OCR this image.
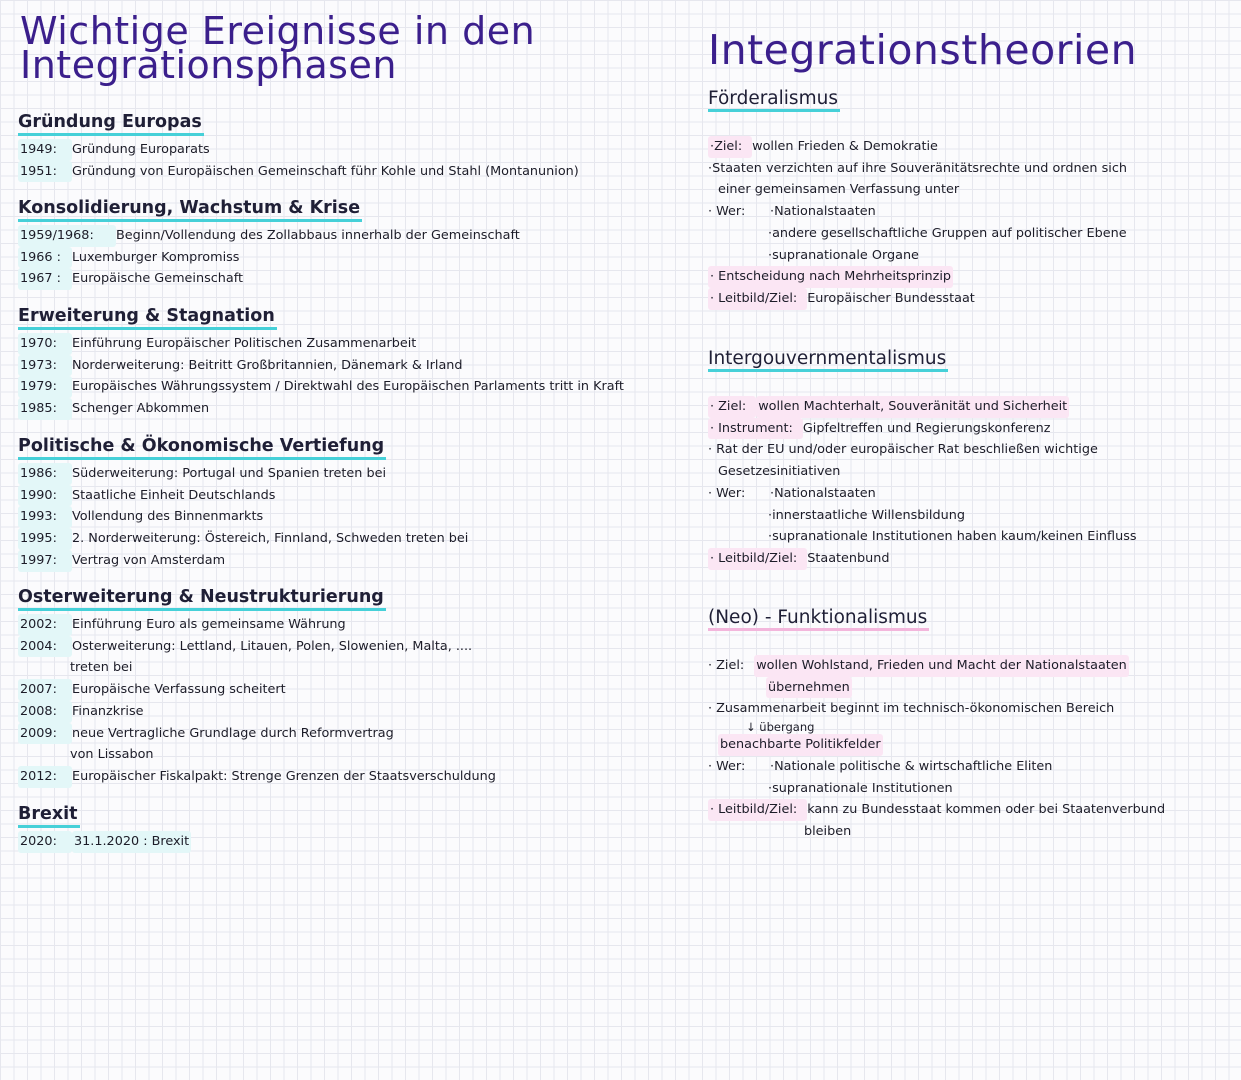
Wichtige Ereignisse in den Integrationsphasen
Gründung Europas
1949:	Gründung Europarats
1951:	Gründung von Europäischen Gemeinschaft führ Kohle und Stahl (Montanunion)
Konsolidierung, Wachstum & Krise
1959/1968:	Beginn/Vollendung des Zollabbaus innerhalb der Gemeinschaft
1966 : Luxemburger Kompromiss
1967 : Europäische Gemeinschaft
Erweiterung & Stagnation
1970:	Einführung Europäischer Politischen Zusammenarbeit
1973:	Norderweiterung: Beitritt Großbritannien, Dänemark & Irland
1979:	Europäisches Währungssystem / Direktwahl des Europäischen Parlaments tritt in Kraft
1985:	Schenger Abkommen
Politische & Ökonomische Vertiefung
1986:	Süderweiterung: Portugal und Spanien treten bei
1990:	Staatliche Einheit Deutschlands
1993:	Vollendung des Binnenmarkts
1995:	2. Norderweiterung: Östereich, Finnland, Schweden treten bei
1997:	Vertrag von Amsterdam
Osterweiterung & Neustrukturierung
2002:	Einführung Euro als gemeinsame Währung
2004:	Osterweiterung: Lettland, Litauen, Polen, Slowenien, Malta, ....
treten bei
2007:	Europäische Verfassung scheitert
2008:	Finanzkrise
2009:	neue Vertragliche Grundlage durch Reformvertrag
von Lissabon
2012:	Europäischer Fiskalpakt: Strenge Grenzen der Staatsverschuldung
Brexit
2020:	31.1.2020 : Brexit
Integrationstheorien
Förderalismus
·Ziel: wollen Frieden & Demokratie
·Staaten verzichten auf ihre Souveränitätsrechte und ordnen sich
einer gemeinsamen Verfassung unter
· Wer:	·Nationalstaaten
·andere gesellschaftliche Gruppen auf politischer Ebene
·supranationale Organe
· Entscheidung nach Mehrheitsprinzip
· Leitbild/Ziel: Europäischer Bundesstaat
Intergouvernmentalismus
· Ziel: wollen Machterhalt, Souveränität und Sicherheit
· Instrument: Gipfeltreffen und Regierungskonferenz
· Rat der EU und/oder europäischer Rat beschließen wichtige
Gesetzesinitiativen
· Wer:	·Nationalstaaten
·innerstaatliche Willensbildung
·supranationale Institutionen haben kaum/keinen Einfluss
· Leitbild/Ziel: Staatenbund
(Neo) - Funktionalismus
· Ziel: wollen Wohlstand, Frieden und Macht der Nationalstaaten
übernehmen
· Zusammenarbeit beginnt im technisch-ökonomischen Bereich
↓ übergang
benachbarte Politikfelder
· Wer:	·Nationale politische & wirtschaftliche Eliten
·supranationale Institutionen
· Leitbild/Ziel: kann zu Bundesstaat kommen oder bei Staatenverbund
bleiben
